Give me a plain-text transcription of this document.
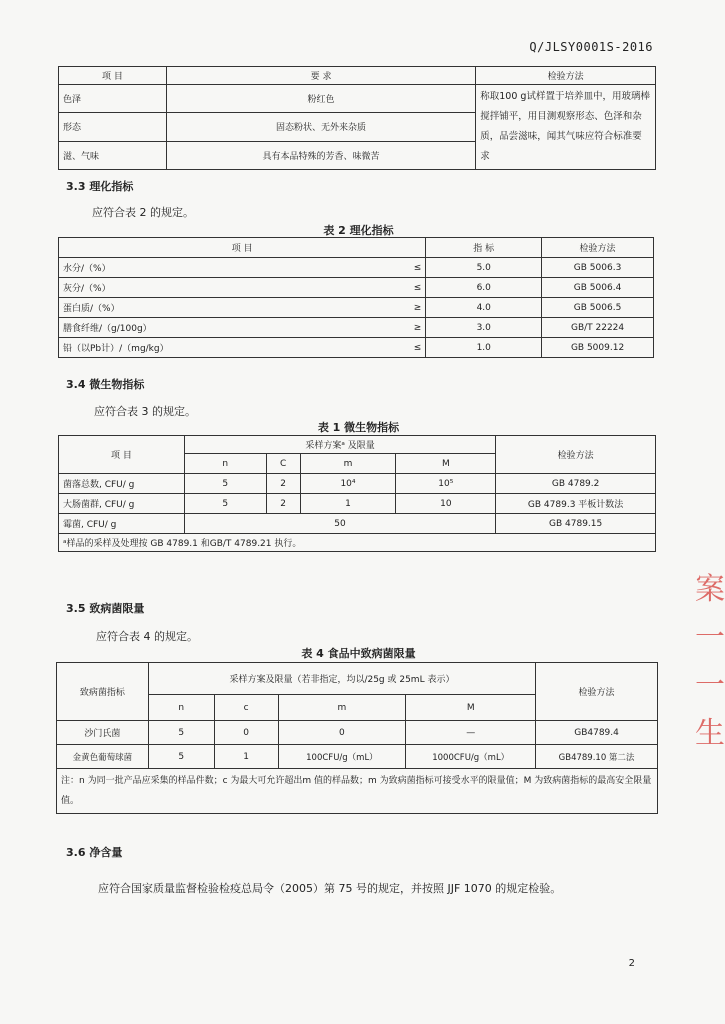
Q/JLSY0001S-2016
项 目	要 求	检验方法
色泽	粉红色	称取100 g试样置于培养皿中，用玻璃棒搅拌铺平，用目测观察形态、色泽和杂质，品尝滋味，闻其气味应符合标准要求
形态	固态粉状、无外来杂质	
滋、气味	具有本品特殊的芳香、味微苦	
3.3 理化指标
应符合表 2 的规定。
表 2 理化指标
项 目		指 标	检验方法
水分/（%）	≤	5.0	GB 5006.3
灰分/（%）	≤	6.0	GB 5006.4
蛋白质/（%）	≥	4.0	GB 5006.5
膳食纤维/（g/100g）	≥	3.0	GB/T 22224
铅（以Pb计）/（mg/kg）	≤	1.0	GB 5009.12
3.4 微生物指标
应符合表 3 的规定。
表 1 微生物指标
项 目	采样方案ᵃ 及限量				检验方法
	n	C	m	M	
菌落总数, CFU/ g	5	2	10⁴	10⁵	GB 4789.2
大肠菌群, CFU/ g	5	2	1	10	GB 4789.3 平板计数法
霉菌, CFU/ g	50				GB 4789.15
ᵃ样品的采样及处理按 GB 4789.1 和GB/T 4789.21 执行。					
3.5 致病菌限量
应符合表 4 的规定。
表 4 食品中致病菌限量
致病菌指标	采样方案及限量（若非指定，均以/25g 或 25mL 表示）				检验方法
	n	c	m	M	
沙门氏菌	5	0	0	—	GB4789.4
金黄色葡萄球菌	5	1	100CFU/g（mL）	1000CFU/g（mL）	GB4789.10 第二法
注：n 为同一批产品应采集的样品件数；c 为最大可允许超出m 值的样品数；m 为致病菌指标可接受水平的限量值；M 为致病菌指标的最高安全限量值。					
3.6 净含量
应符合国家质量监督检验检疫总局令（2005）第 75 号的规定，并按照 JJF 1070 的规定检验。
2
案
一
一
生
